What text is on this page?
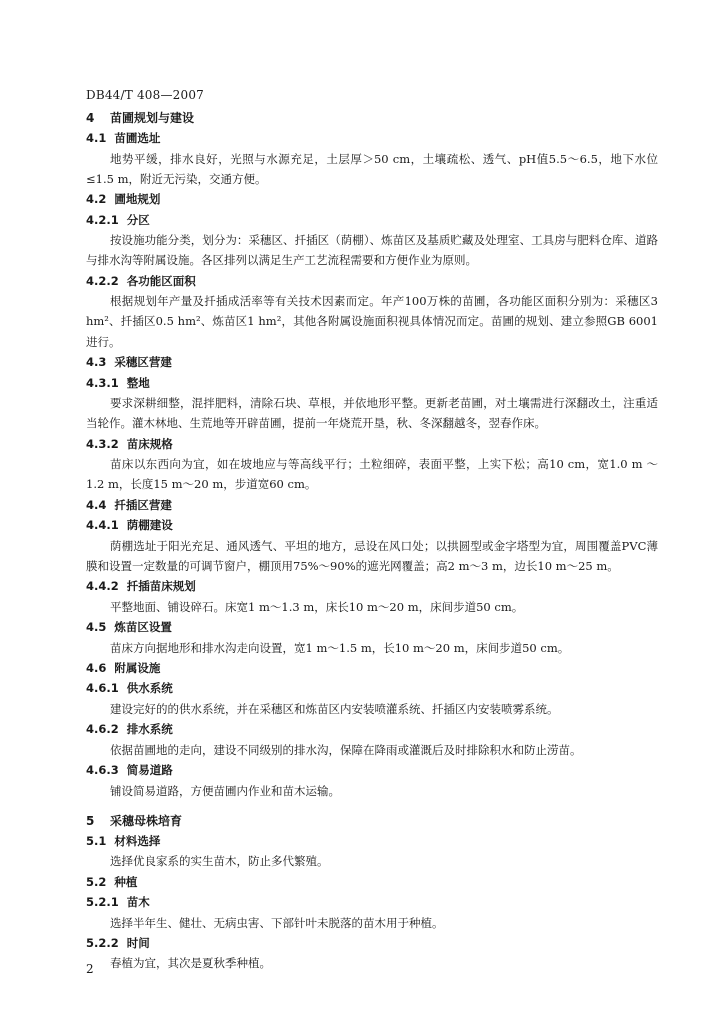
DB44/T 408—2007
4 苗圃规划与建设
4.1 苗圃选址

地势平缓，排水良好，光照与水源充足，土层厚＞50 cm，土壤疏松、透气、pH值5.5～6.5，地下水位≤1.5 m，附近无污染，交通方便。

4.2 圃地规划
4.2.1 分区

按设施功能分类，划分为：采穗区、扦插区（荫棚）、炼苗区及基质贮藏及处理室、工具房与肥料仓库、道路与排水沟等附属设施。各区排列以满足生产工艺流程需要和方便作业为原则。

4.2.2 各功能区面积

根据规划年产量及扦插成活率等有关技术因素而定。年产100万株的苗圃，各功能区面积分别为：采穗区3 hm²、扦插区0.5 hm²、炼苗区1 hm²，其他各附属设施面积视具体情况而定。苗圃的规划、建立参照GB 6001进行。

4.3 采穗区营建
4.3.1 整地

要求深耕细整，混拌肥料，清除石块、草根，并依地形平整。更新老苗圃，对土壤需进行深翻改土，注重适当轮作。灌木林地、生荒地等开辟苗圃，提前一年烧荒开垦，秋、冬深翻越冬，翌春作床。

4.3.2 苗床规格

苗床以东西向为宜，如在坡地应与等高线平行；土粒细碎，表面平整，上实下松；高10 cm，宽1.0 m ～1.2 m，长度15 m～20 m，步道宽60 cm。

4.4 扦插区营建
4.4.1 荫棚建设

荫棚选址于阳光充足、通风透气、平坦的地方，忌设在风口处；以拱圆型或金字塔型为宜，周围覆盖PVC薄膜和设置一定数量的可调节窗户，棚顶用75%～90%的遮光网覆盖；高2 m～3 m，边长10 m～25 m。

4.4.2 扦插苗床规划

平整地面、铺设碎石。床宽1 m～1.3 m，床长10 m～20 m，床间步道50 cm。

4.5 炼苗区设置

苗床方向据地形和排水沟走向设置，宽1 m～1.5 m，长10 m～20 m，床间步道50 cm。

4.6 附属设施
4.6.1 供水系统

建设完好的的供水系统，并在采穗区和炼苗区内安装喷灌系统、扦插区内安装喷雾系统。

4.6.2 排水系统

依据苗圃地的走向，建设不同级别的排水沟，保障在降雨或灌溉后及时排除积水和防止涝苗。

4.6.3 简易道路

铺设简易道路，方便苗圃内作业和苗木运输。

5 采穗母株培育
5.1 材料选择

选择优良家系的实生苗木，防止多代繁殖。

5.2 种植
5.2.1 苗木

选择半年生、健壮、无病虫害、下部针叶未脱落的苗木用于种植。

5.2.2 时间

春植为宜，其次是夏秋季种植。

2
